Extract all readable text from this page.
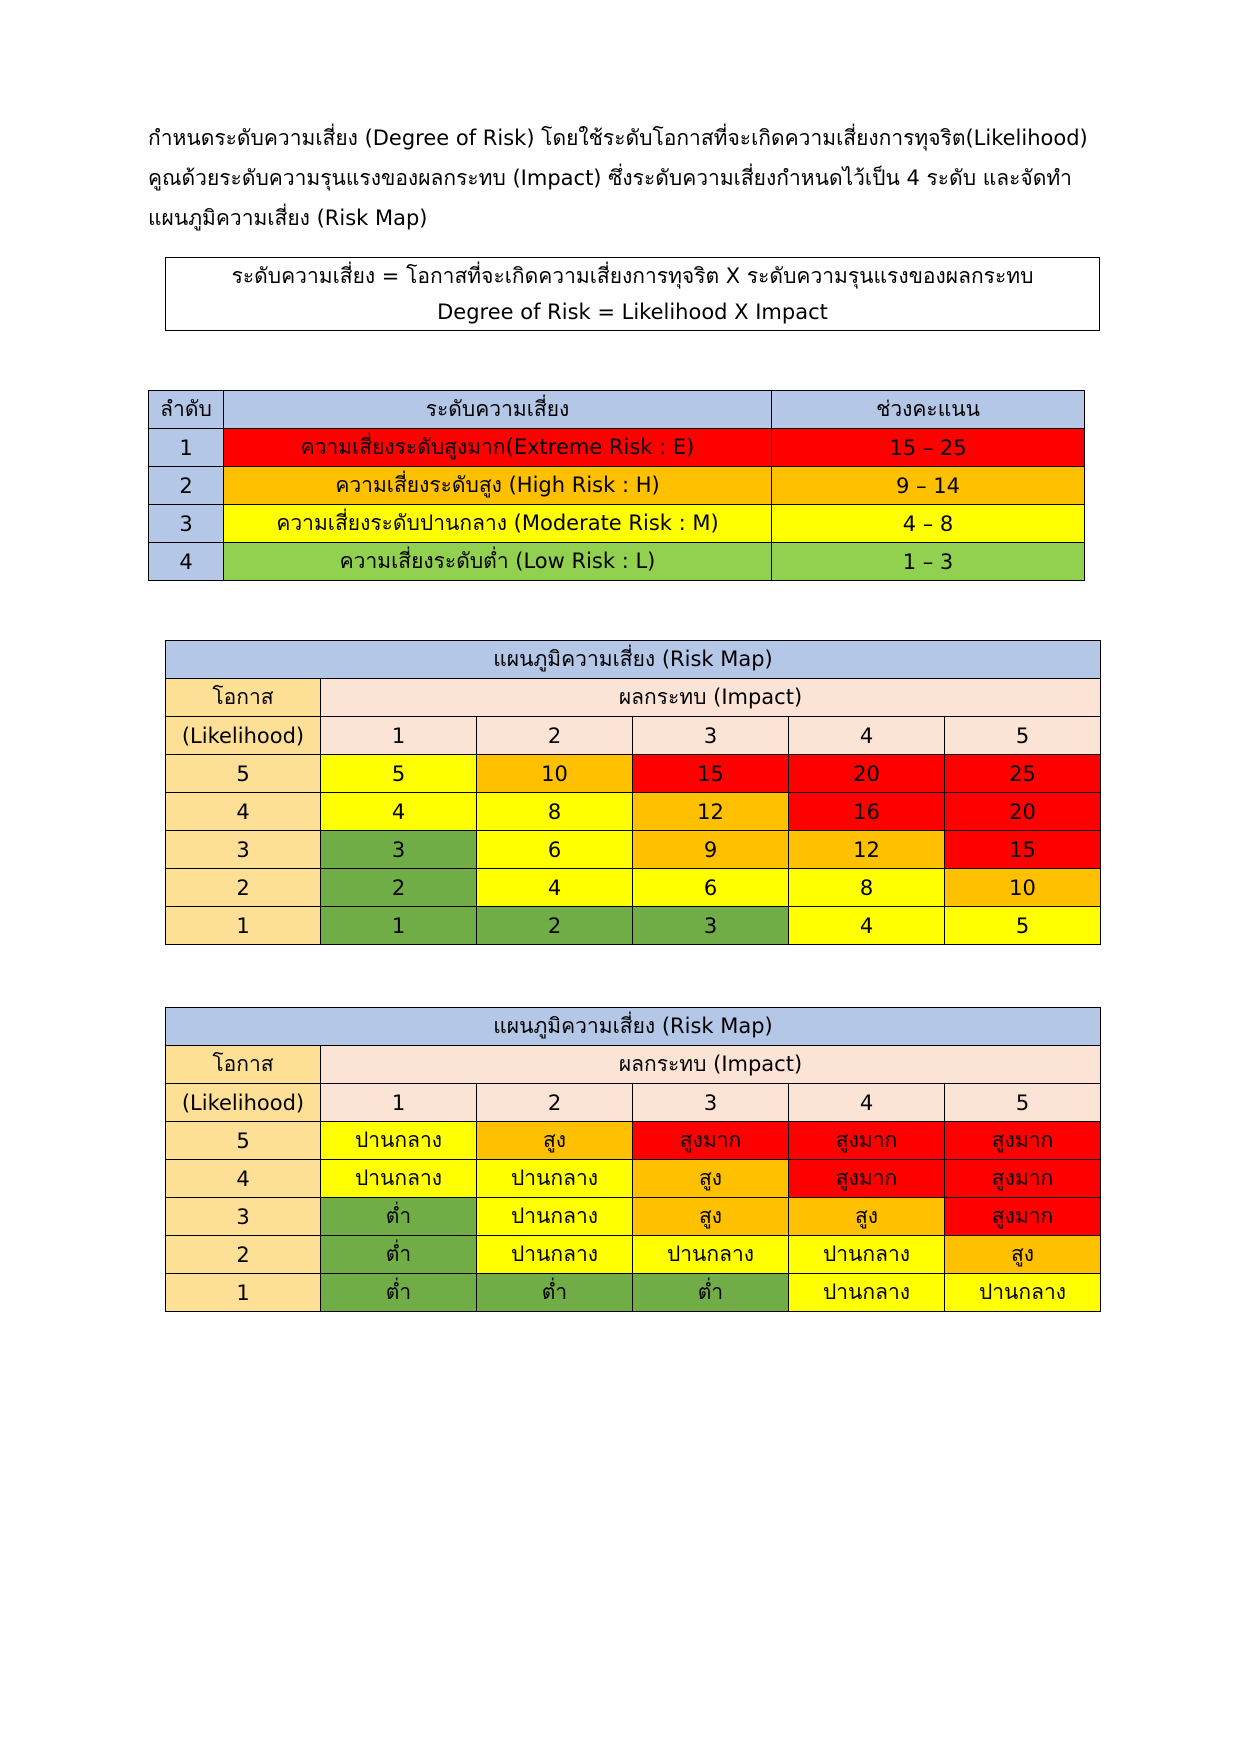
กำหนดระดับความเสี่ยง (Degree of Risk) โดยใช้ระดับโอกาสที่จะเกิดความเสี่ยงการทุจริต(Likelihood)

คูณด้วยระดับความรุนแรงของผลกระทบ (Impact) ซึ่งระดับความเสี่ยงกำหนดไว้เป็น 4 ระดับ และจัดทำ

แผนภูมิความเสี่ยง (Risk Map)

ระดับความเสี่ยง = โอกาสที่จะเกิดความเสี่ยงการทุจริต X ระดับความรุนแรงของผลกระทบ
Degree of Risk = Likelihood X Impact
ลำดับ	ระดับความเสี่ยง	ช่วงคะแนน
1	ความเสี่ยงระดับสูงมาก(Extreme Risk : E)	15 – 25
2	ความเสี่ยงระดับสูง (High Risk : H)	9 – 14
3	ความเสี่ยงระดับปานกลาง (Moderate Risk : M)	4 – 8
4	ความเสี่ยงระดับต่ำ (Low Risk : L)	1 – 3
แผนภูมิความเสี่ยง (Risk Map)					
โอกาส	ผลกระทบ (Impact)				
(Likelihood)	1	2	3	4	5
5	5	10	15	20	25
4	4	8	12	16	20
3	3	6	9	12	15
2	2	4	6	8	10
1	1	2	3	4	5
แผนภูมิความเสี่ยง (Risk Map)					
โอกาส	ผลกระทบ (Impact)				
(Likelihood)	1	2	3	4	5
5	ปานกลาง	สูง	สูงมาก	สูงมาก	สูงมาก
4	ปานกลาง	ปานกลาง	สูง	สูงมาก	สูงมาก
3	ต่ำ	ปานกลาง	สูง	สูง	สูงมาก
2	ต่ำ	ปานกลาง	ปานกลาง	ปานกลาง	สูง
1	ต่ำ	ต่ำ	ต่ำ	ปานกลาง	ปานกลาง
